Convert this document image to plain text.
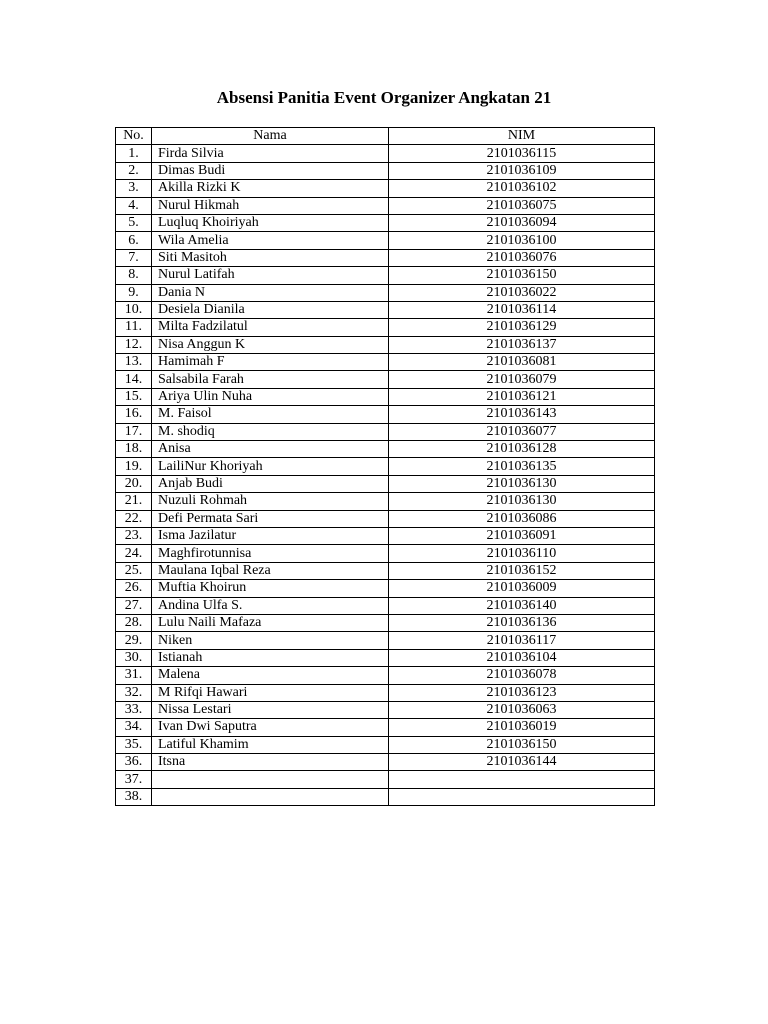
Absensi Panitia Event Organizer Angkatan 21
No.	Nama	NIM
1.	Firda Silvia	2101036115
2.	Dimas Budi	2101036109
3.	Akilla Rizki K	2101036102
4.	Nurul Hikmah	2101036075
5.	Luqluq Khoiriyah	2101036094
6.	Wila Amelia	2101036100
7.	Siti Masitoh	2101036076
8.	Nurul Latifah	2101036150
9.	Dania N	2101036022
10.	Desiela Dianila	2101036114
11.	Milta Fadzilatul	2101036129
12.	Nisa Anggun K	2101036137
13.	Hamimah F	2101036081
14.	Salsabila Farah	2101036079
15.	Ariya Ulin Nuha	2101036121
16.	M. Faisol	2101036143
17.	M. shodiq	2101036077
18.	Anisa	2101036128
19.	LailiNur Khoriyah	2101036135
20.	Anjab Budi	2101036130
21.	Nuzuli Rohmah	2101036130
22.	Defi Permata Sari	2101036086
23.	Isma Jazilatur	2101036091
24.	Maghfirotunnisa	2101036110
25.	Maulana Iqbal Reza	2101036152
26.	Muftia Khoirun	2101036009
27.	Andina Ulfa S.	2101036140
28.	Lulu Naili Mafaza	2101036136
29.	Niken	2101036117
30.	Istianah	2101036104
31.	Malena	2101036078
32.	M Rifqi Hawari	2101036123
33.	Nissa Lestari	2101036063
34.	Ivan Dwi Saputra	2101036019
35.	Latiful Khamim	2101036150
36.	Itsna	2101036144
37.		
38.		
